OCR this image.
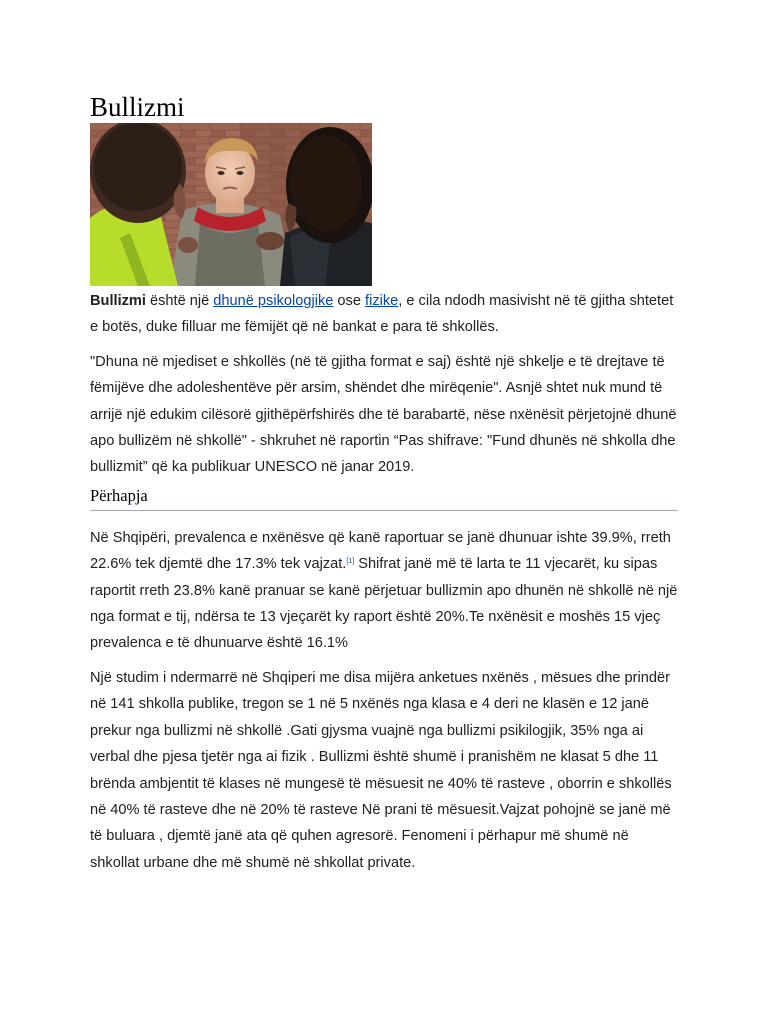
Bullizmi

Bullizmi është një dhunë psikologjike ose fizike, e cila ndodh masivisht në të gjitha shtetet e botës, duke filluar me fëmijët që në bankat e para të shkollës.

"Dhuna në mjediset e shkollës (në të gjitha format e saj) është një shkelje e të drejtave të fëmijëve dhe adoleshentëve për arsim, shëndet dhe mirëqenie". Asnjë shtet nuk mund të arrijë një edukim cilësorë gjithëpërfshirës dhe të barabartë, nëse nxënësit përjetojnë dhunë apo bullizëm në shkollë" - shkruhet në raportin “Pas shifrave: "Fund dhunës në shkolla dhe bullizmit” që ka publikuar UNESCO në janar 2019.

Përhapja

Në Shqipëri, prevalenca e nxënësve që kanë raportuar se janë dhunuar ishte 39.9%, rreth 22.6% tek djemtë dhe 17.3% tek vajzat.[1] Shifrat janë më të larta te 11 vjecarët, ku sipas raportit rreth 23.8% kanë pranuar se kanë përjetuar bullizmin apo dhunën në shkollë në një nga format e tij, ndërsa te 13 vjeçarët ky raport është 20%.Te nxënësit e moshës 15 vjeç prevalenca e të dhunuarve është 16.1%

Një studim i ndermarrë në Shqiperi me disa mijëra anketues nxënës , mësues dhe prindër në 141 shkolla publike, tregon se 1 në 5 nxënës nga klasa e 4 deri ne klasën e 12 janë prekur nga bullizmi në shkollë .Gati gjysma vuajnë nga bullizmi psikilogjik, 35% nga ai verbal dhe pjesa tjetër nga ai fizik . Bullizmi është shumë i pranishëm ne klasat 5 dhe 11 brënda ambjentit të klases në mungesë të mësuesit ne 40% të rasteve , oborrin e shkollës në 40% të rasteve dhe në 20% të rasteve Në prani të mësuesit.Vajzat pohojnë se janë më të buluara , djemtë janë ata që quhen agresorë. Fenomeni i përhapur më shumë në shkollat urbane dhe më shumë në shkollat private.
